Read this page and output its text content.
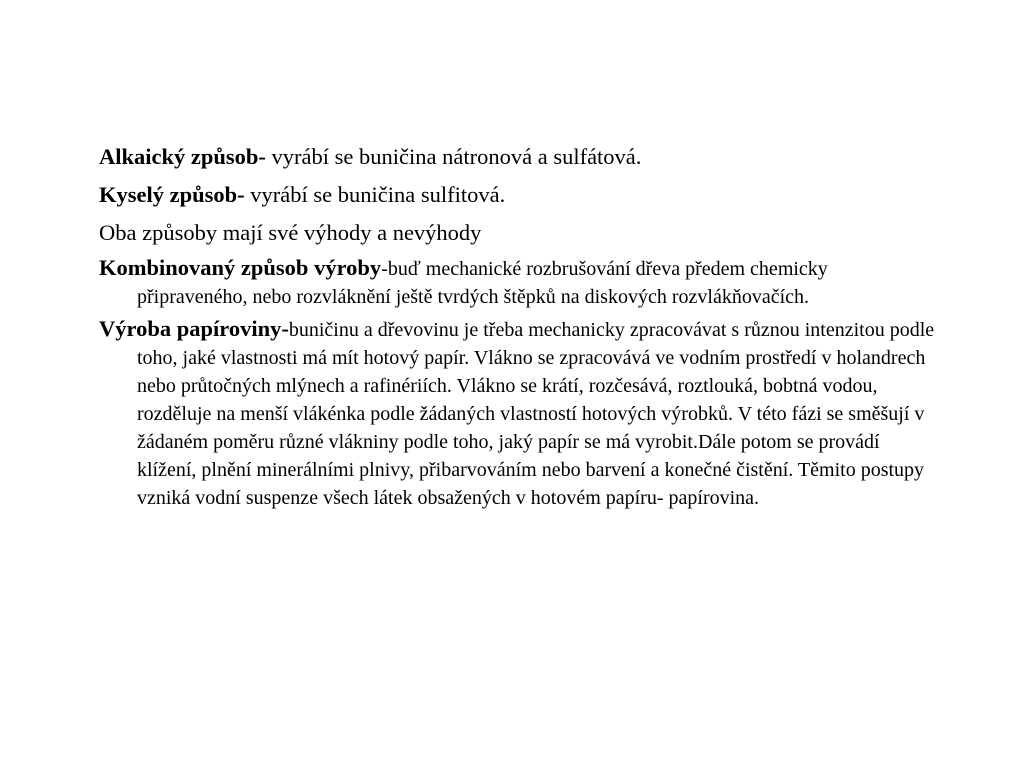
Alkaický způsob- vyrábí se buničina nátronová a sulfátová.

Kyselý způsob- vyrábí se buničina sulfitová.

Oba způsoby mají své výhody a nevýhody

Kombinovaný způsob výroby-buď mechanické rozbrušování dřeva předem chemicky připraveného, nebo rozvláknění ještě tvrdých štěpků na diskových rozvlákňovačích.

Výroba papíroviny-buničinu a dřevovinu je třeba mechanicky zpracovávat s různou intenzitou podle toho, jaké vlastnosti má mít hotový papír. Vlákno se zpracovává ve vodním prostředí v holandrech nebo průtočných mlýnech a rafinériích. Vlákno se krátí, rozčesává, roztlouká, bobtná vodou, rozděluje na menší vlákénka podle žádaných vlastností hotových výrobků. V této fázi se směšují v žádaném poměru různé vlákniny podle toho, jaký papír se má vyrobit.Dále potom se provádí klížení, plnění minerálními plnivy, přibarvováním nebo barvení a konečné čistění. Těmito postupy vzniká vodní suspenze všech látek obsažených v hotovém papíru- papírovina.
